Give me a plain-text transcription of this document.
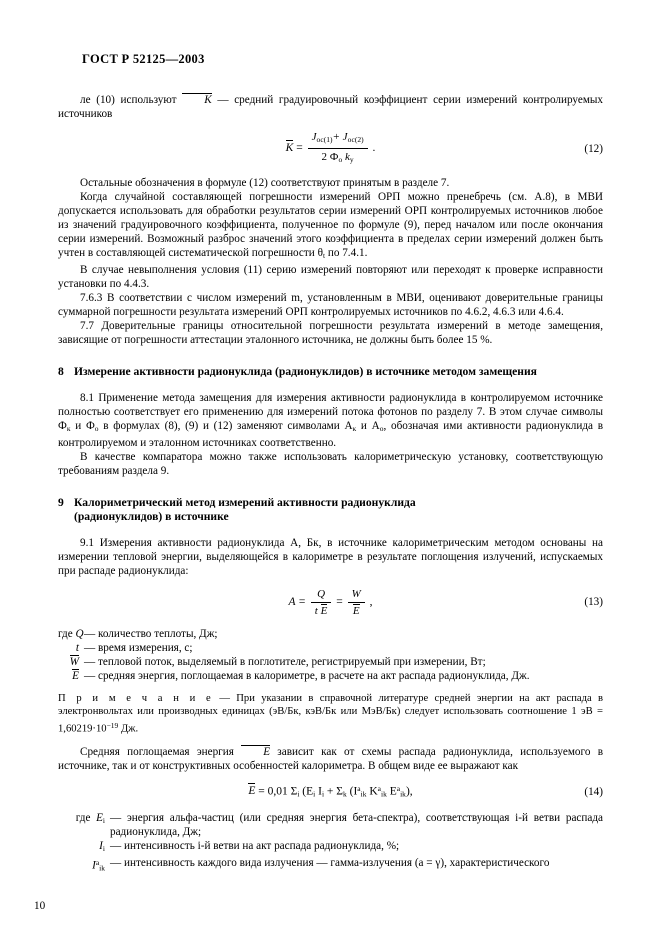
ГОСТ Р 52125—2003

ле (10) используют K — средний градуировочный коэффициент серии измерений контролируемых источников

$K = \frac{J_{ос(1)}+ J_{ос(2)}}{2 Ф_о k_у}$ .	(12)

Остальные обозначения в формуле (12) соответствуют принятым в разделе 7.

Когда случайной составляющей погрешности измерений ОРП можно пренебречь (см. А.8), в МВИ допускается использовать для обработки результатов серии измерений ОРП контролируемых источников любое из значений градуировочного коэффициента, полученное по формуле (9), перед началом или после окончания серии измерений. Возможный разброс значений этого коэффициента в пределах серии измерений должен быть учтен в составляющей систематической погрешности $\theta_t$ по 7.4.1.

В случае невыполнения условия (11) серию измерений повторяют или переходят к проверке исправности установки по 4.4.3.

7.6.3 В соответствии с числом измерений m, установленным в МВИ, оценивают доверительные границы суммарной погрешности результата измерений ОРП контролируемых источников по 4.6.2, 4.6.3 или 4.6.4.

7.7 Доверительные границы относительной погрешности результата измерений в методе замещения, зависящие от погрешности аттестации эталонного источника, не должны быть более 15 %.

8 Измерение активности радионуклида (радионуклидов) в источнике методом замещения

8.1 Применение метода замещения для измерения активности радионуклида в контролируемом источнике полностью соответствует его применению для измерений потока фотонов по разделу 7. В этом случае символы $Ф_к$ и $Ф_о$ в формулах (8), (9) и (12) заменяют символами $A_к$ и $A_о$, обозначая ими активности радионуклида в контролируемом и эталонном источниках соответственно.

В качестве компаратора можно также использовать калориметрическую установку, соответствующую требованиям раздела 9.

9 Калориметрический метод измерений активности радионуклида
(радионуклидов) в источнике

9.1 Измерения активности радионуклида A, Бк, в источнике калориметрическим методом основаны на измерении тепловой энергии, выделяющейся в калориметре в результате поглощения излучений, испускаемых при распаде радионуклида:

$A = \frac{Q}{\text{t E}} = \frac{W}{E}$ ,	(13)
где Q — количество теплоты, Дж;
t — время измерения, с;
W — тепловой поток, выделяемый в поглотителе, регистрируемый при измерении, Вт;
E — средняя энергия, поглощаемая в калориметре, в расчете на акт распада радионуклида, Дж.
П р и м е ч а н и е — При указании в справочной литературе средней энергии на акт распада в электронвольтах или производных единицах (эВ/Бк, кэВ/Бк или МэВ/Бк) следует использовать соотношение 1 эВ = $1,60219\cdot 10^{-19}$ Дж.

Средняя поглощаемая энергия E зависит как от схемы распада радионуклида, используемого в источнике, так и от конструктивных особенностей калориметра. В общем виде ее выражают как

E = 0,01 $\Sigma_i$ ($E_i$ $I_i + \Sigma_k$ ($I^a_{ik}$ $K^a_{ik}$ $E^a_{ik}$),	(14)
где $E_i$ — энергия альфа-частиц (или средняя энергия бета-спектра), соответствующая i-й ветви распада радионуклида, Дж;
$I_i$ — интенсивность i-й ветви на акт распада радионуклида, %;
$I^a_{ik}$ — интенсивность каждого вида излучения — гамма-излучения (a = γ), характеристического
10
